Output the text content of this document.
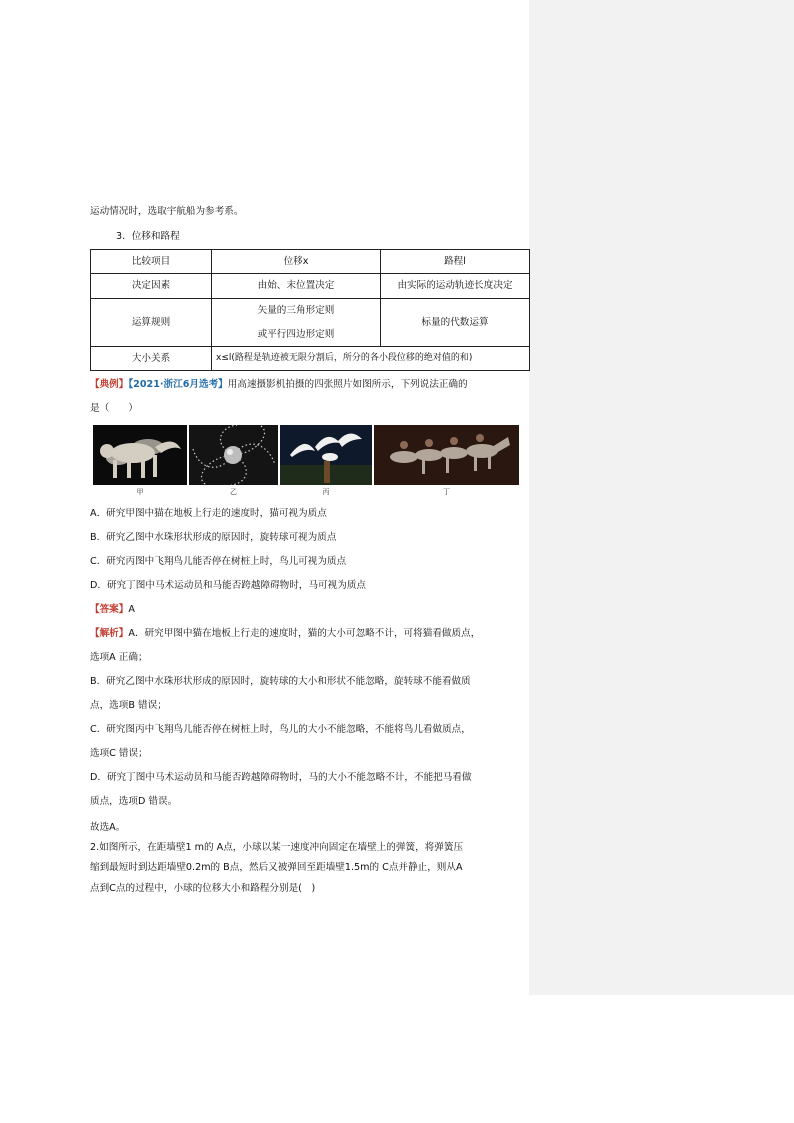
运动情况时，选取宇航船为参考系。
3．位移和路程
比较项目	位移x	路程l
决定因素	由始、末位置决定	由实际的运动轨迹长度决定
运算规则	矢量的三角形定则	标量的代数运算
	或平行四边形定则	
大小关系	x≤l(路程是轨迹被无限分割后，所分的各小段位移的绝对值的和)	
【典例】【2021·浙江6月选考】用高速摄影机拍摄的四张照片如图所示，下列说法正确的
是（　　）
甲	乙	丙	丁
A．研究甲图中猫在地板上行走的速度时，猫可视为质点
B．研究乙图中水珠形状形成的原因时，旋转球可视为质点
C．研究丙图中飞翔鸟儿能否停在树桩上时，鸟儿可视为质点
D．研究丁图中马术运动员和马能否跨越障碍物时，马可视为质点
【答案】A
【解析】A．研究甲图中猫在地板上行走的速度时，猫的大小可忽略不计，可将猫看做质点，
选项A 正确；
B．研究乙图中水珠形状形成的原因时，旋转球的大小和形状不能忽略，旋转球不能看做质
点，选项B 错误；
C．研究图丙中飞翔鸟儿能否停在树桩上时，鸟儿的大小不能忽略，不能将鸟儿看做质点，
选项C 错误；
D．研究丁图中马术运动员和马能否跨越障碍物时，马的大小不能忽略不计，不能把马看做
质点，选项D 错误。
故选A。
2.如图所示，在距墙壁1 m的 A点，小球以某一速度冲向固定在墙壁上的弹簧，将弹簧压
缩到最短时到达距墙壁0.2m的 B点，然后又被弹回至距墙壁1.5m的 C点并静止，则从A
点到C点的过程中，小球的位移大小和路程分别是(　)
